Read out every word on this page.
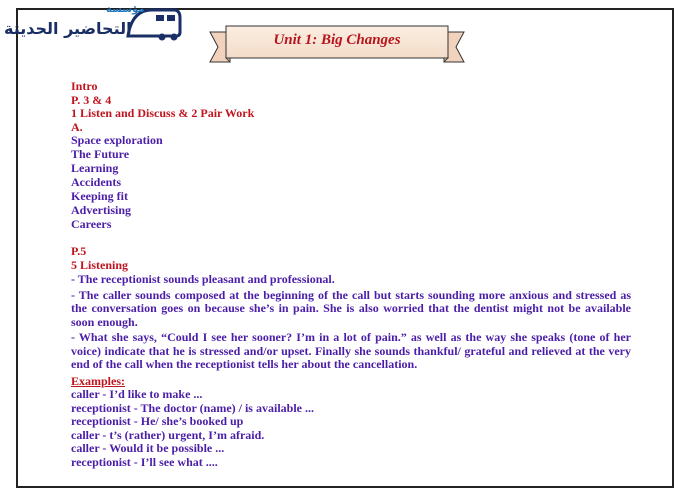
مؤسسة
التحاضير الحديثة
Unit 1: Big Changes
Intro
P. 3 & 4
1 Listen and Discuss & 2 Pair Work
A.
Space exploration
The Future
Learning
Accidents
Keeping fit
Advertising
Careers
P.5
5 Listening
- The receptionist sounds pleasant and professional.
- The caller sounds composed at the beginning of the call but starts sounding more anxious and stressed as the conversation goes on because she’s in pain. She is also worried that the dentist might not be available soon enough.
- What she says, “Could I see her sooner? I’m in a lot of pain.” as well as the way she speaks (tone of her voice) indicate that he is stressed and/or upset. Finally she sounds thankful/ grateful and relieved at the very end of the call when the receptionist tells her about the cancellation.
Examples:
caller - I’d like to make ...
receptionist - The doctor (name) / is available ...
receptionist - He/ she’s booked up
caller - t’s (rather) urgent, I’m afraid.
caller - Would it be possible ...
receptionist - I’ll see what ....
